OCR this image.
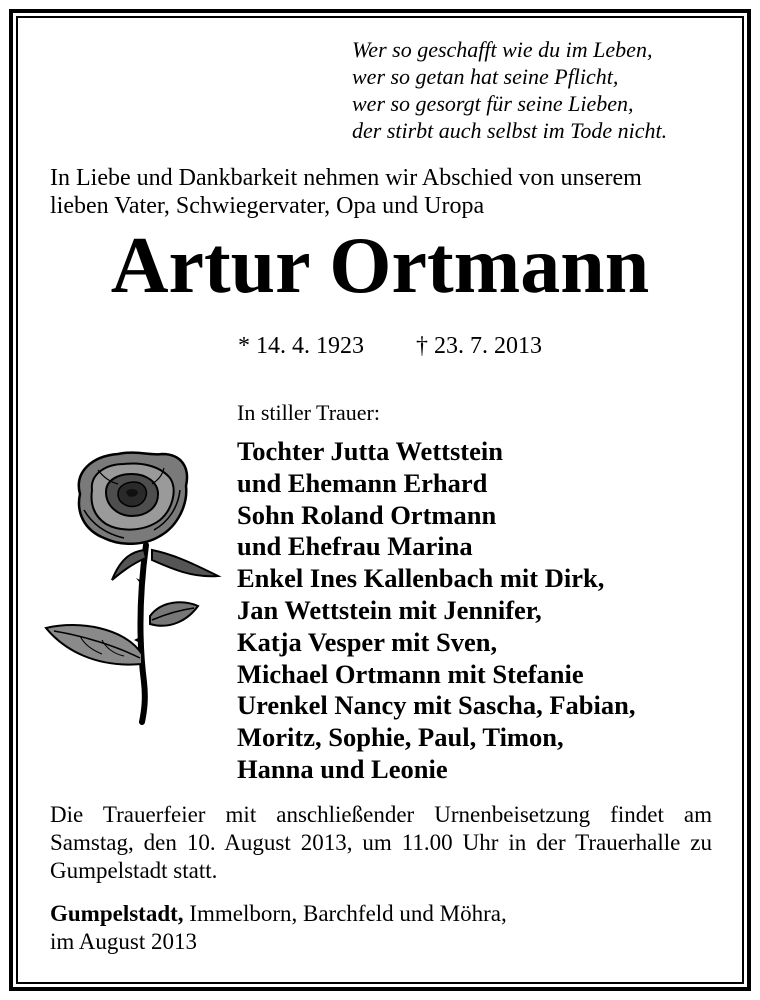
Wer so geschafft wie du im Leben,
wer so getan hat seine Pflicht,
wer so gesorgt für seine Lieben,
der stirbt auch selbst im Tode nicht.
In Liebe und Dankbarkeit nehmen wir Abschied von unserem
lieben Vater, Schwiegervater, Opa und Uropa
Artur Ortmann
* 14. 4. 1923 † 23. 7. 2013
In stiller Trauer:
Tochter Jutta Wettstein
und Ehemann Erhard
Sohn Roland Ortmann
und Ehefrau Marina
Enkel Ines Kallenbach mit Dirk,
Jan Wettstein mit Jennifer,
Katja Vesper mit Sven,
Michael Ortmann mit Stefanie
Urenkel Nancy mit Sascha, Fabian,
Moritz, Sophie, Paul, Timon,
Hanna und Leonie
Die Trauerfeier mit anschließender Urnenbeisetzung findet am Samstag, den 10. August 2013, um 11.00 Uhr in der Trauerhalle zu Gumpelstadt statt.
Gumpelstadt, Immelborn, Barchfeld und Möhra,
im August 2013
